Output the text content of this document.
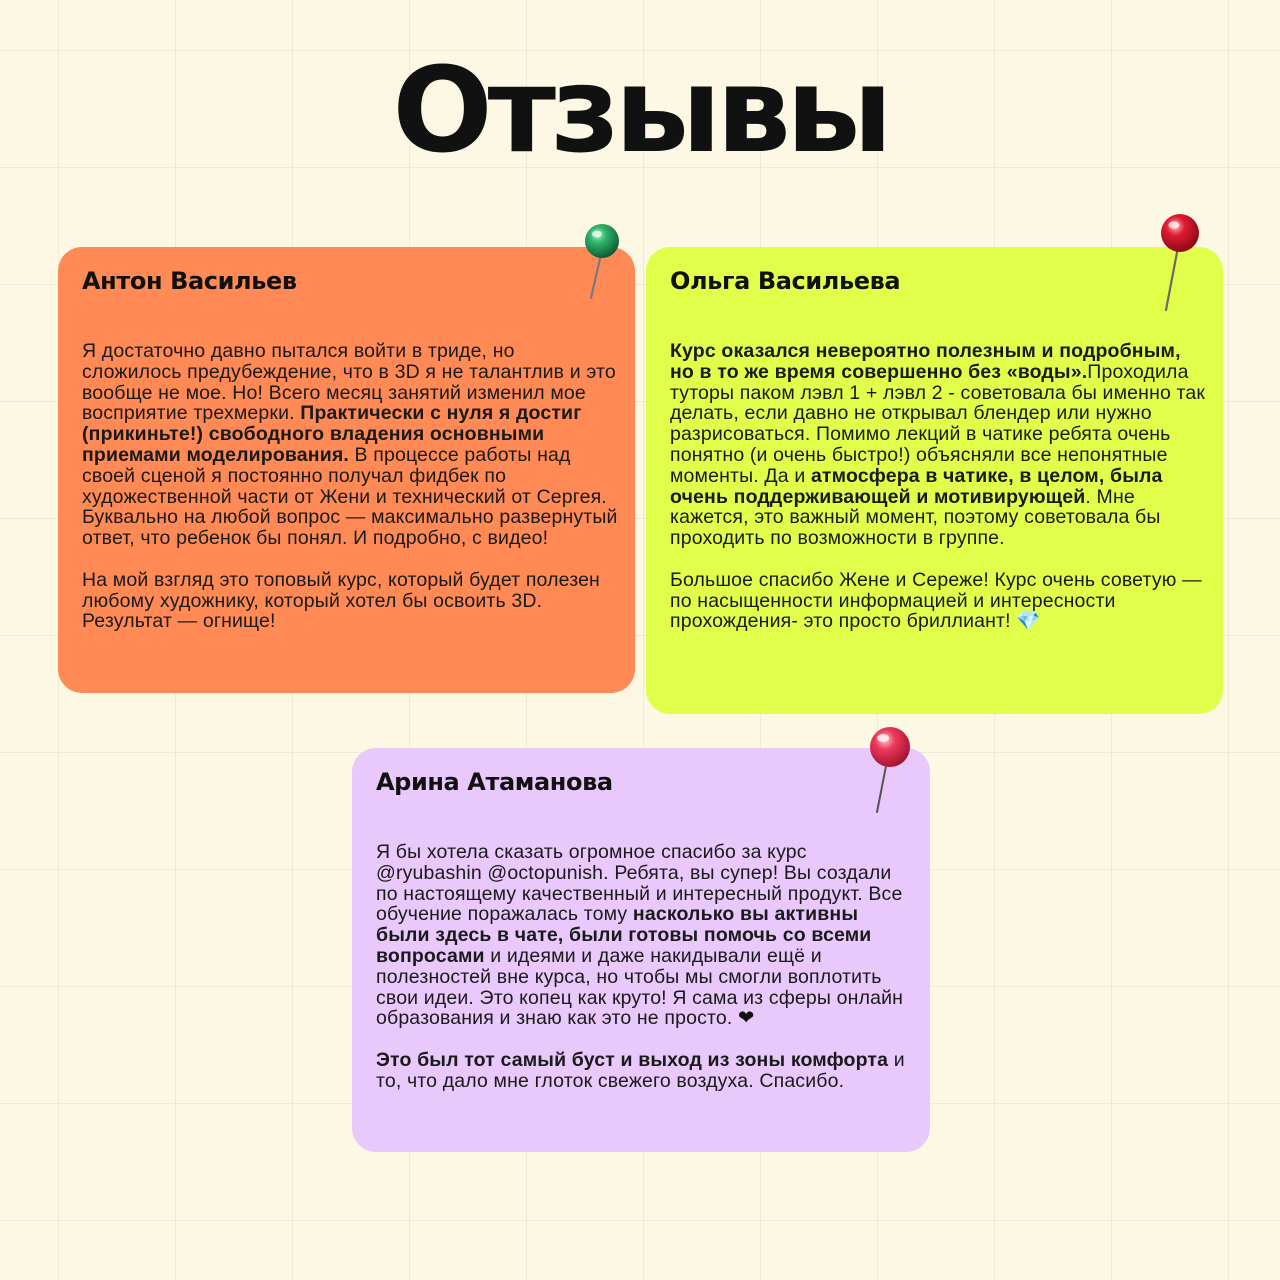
Отзывы
Антон Васильев

Я достаточно давно пытался войти в триде, но сложилось предубеждение, что в 3D я не талантлив и это вообще не мое. Но! Всего месяц занятий изменил мое восприятие трехмерки. Практически с нуля я достиг (прикиньте!) свободного владения основными приемами моделирования. В процессе работы над своей сценой я постоянно получал фидбек по художественной части от Жени и технический от Сергея. Буквально на любой вопрос — максимально развернутый ответ, что ребенок бы понял. И подробно, с видео!

На мой взгляд это топовый курс, который будет полезен любому художнику, который хотел бы освоить 3D. Результат — огнище!

Ольга Васильева

Курс оказался невероятно полезным и подробным, но в то же время совершенно без «воды».Проходила туторы паком лэвл 1 + лэвл 2 - советовала бы именно так делать, если давно не открывал блендер или нужно разрисоваться. Помимо лекций в чатике ребята очень понятно (и очень быстро!) объясняли все непонятные моменты. Да и атмосфера в чатике, в целом, была очень поддерживающей и мотивирующей. Мне кажется, это важный момент, поэтому советовала бы проходить по возможности в группе.

Большое спасибо Жене и Сереже! Курс очень советую — по насыщенности информацией и интересности прохождения- это просто бриллиант! 💎

Арина Атаманова

Я бы хотела сказать огромное спасибо за курс @ryubashin @octopunish. Ребята, вы супер! Вы создали по настоящему качественный и интересный продукт. Все обучение поражалась тому насколько вы активны были здесь в чате, были готовы помочь со всеми вопросами и идеями и даже накидывали ещё и полезностей вне курса, но чтобы мы смогли воплотить свои идеи. Это копец как круто! Я сама из сферы онлайн образования и знаю как это не просто. ❤

Это был тот самый буст и выход из зоны комфорта и то, что дало мне глоток свежего воздуха. Спасибо.
